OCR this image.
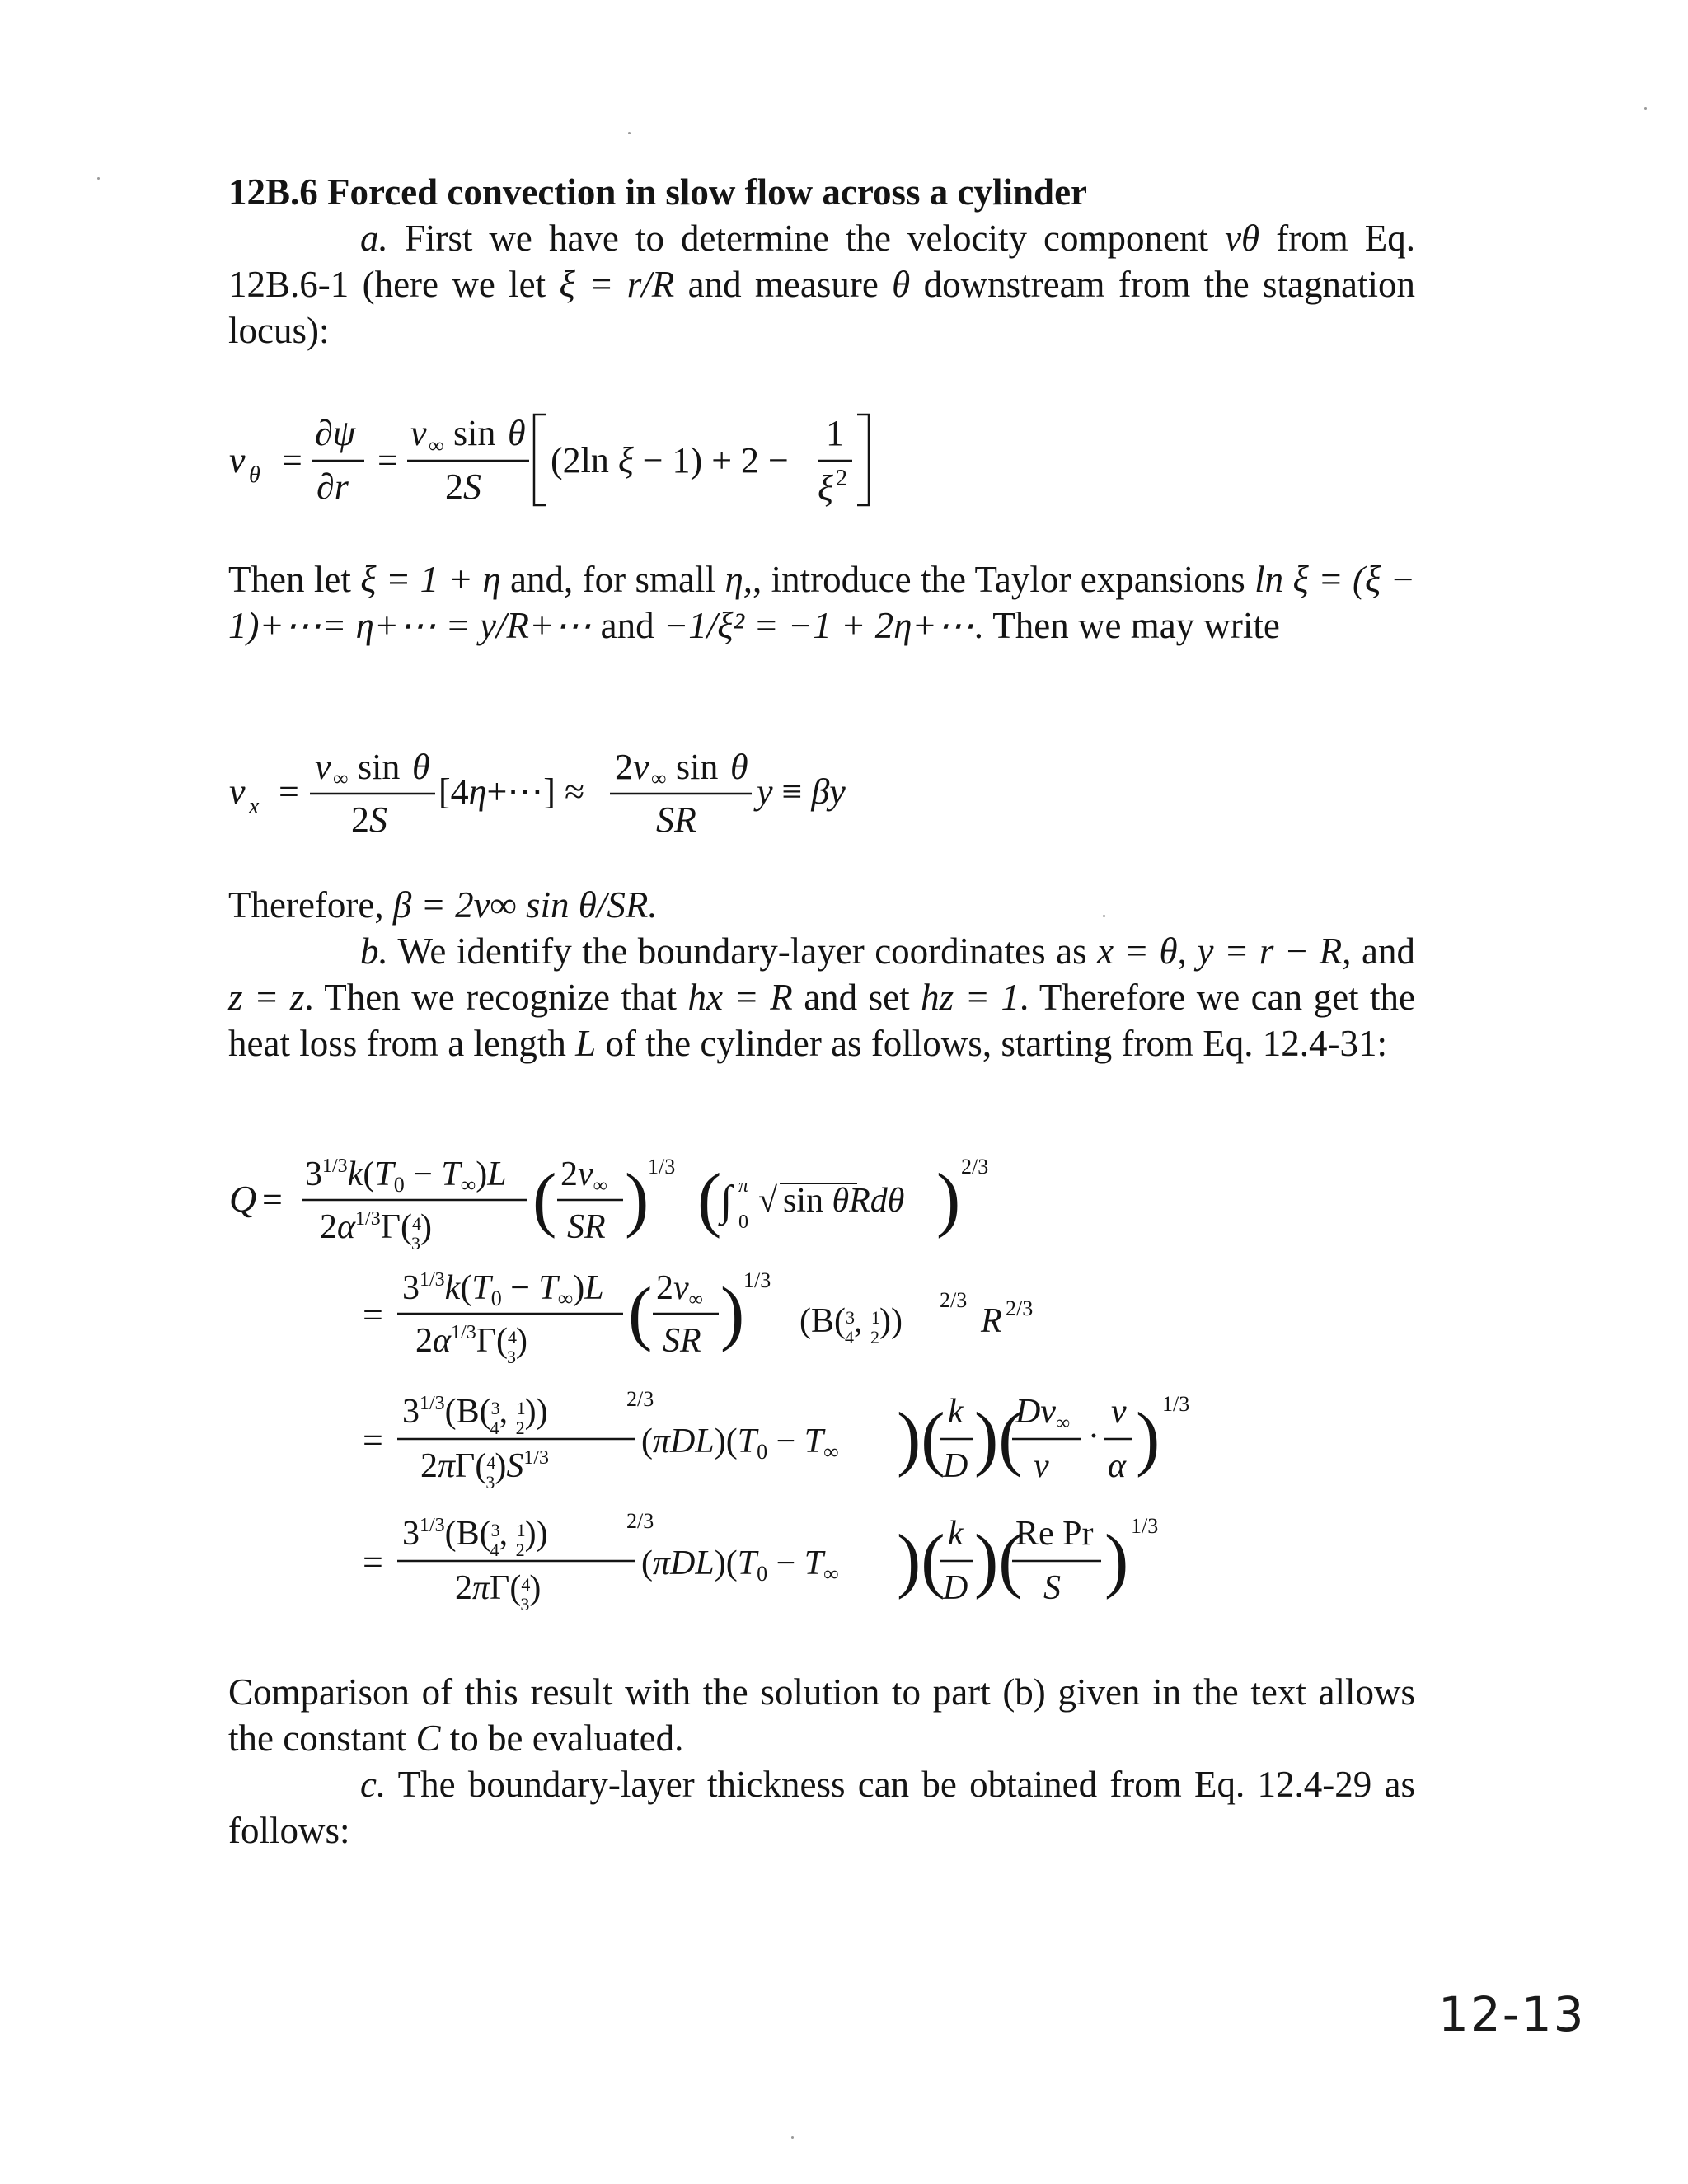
12B.6 Forced convection in slow flow across a cylinder

a. First we have to determine the velocity component vθ from Eq. 12B.6-1 (here we let ξ = r/R and measure θ downstream from the stagnation locus):

v θ =
∂ψ
∂r
=
v ∞ sin θ
2S
(2ln ξ − 1) + 2 −
1
ξ 2

Then let ξ = 1 + η and, for small η,, introduce the Taylor expansions ln ξ = (ξ − 1)+⋯= η+⋯ = y/R+⋯ and −1/ξ² = −1 + 2η+⋯. Then we may write

v x =
v ∞ sin θ
2S
[4η+⋯] ≈
2v ∞ sin θ
SR
y ≡ βy

Therefore, β = 2v∞ sin θ/SR.

b. We identify the boundary-layer coordinates as x = θ, y = r − R, and z = z. Then we recognize that hx = R and set hz = 1. Therefore we can get the heat loss from a length L of the cylinder as follows, starting from Eq. 12.4-31:

Q =
$3^{1/3}k(T0 - T\infty)L$
$2\alpha^{1/3}\Gamma(^4$ 3) ( 2v∞
SR )
1/3 (
∫ π
0
√ sin θRdθ ) 2/3
=
$3^{1/3}k(T0 - T\infty)L$
$2\alpha^{1/3}\Gamma(^4$ 3) ( 2v∞
SR )
1/3
(B($^3$ 4, $^1$ 2))
2/3
R 2/3
=
$3^{1/3}(B(^3$ 4, $^1$ 2))	2/3
2πΓ($^4$ $3)S^{1/3}$	(πDL)(T0 − T∞ )( k
D )(
Dv∞
ν
·
ν
α ) 1/3
=
$3^{1/3}(B(^3$ 4, $^1$ 2))	2/3
2πΓ($^4$ 3)
(πDL)(T0 − T∞ )( k
D )(
Re Pr
S ) 1/3

Comparison of this result with the solution to part (b) given in the text allows the constant C to be evaluated.

c. The boundary-layer thickness can be obtained from Eq. 12.4-29 as follows:

12-13
